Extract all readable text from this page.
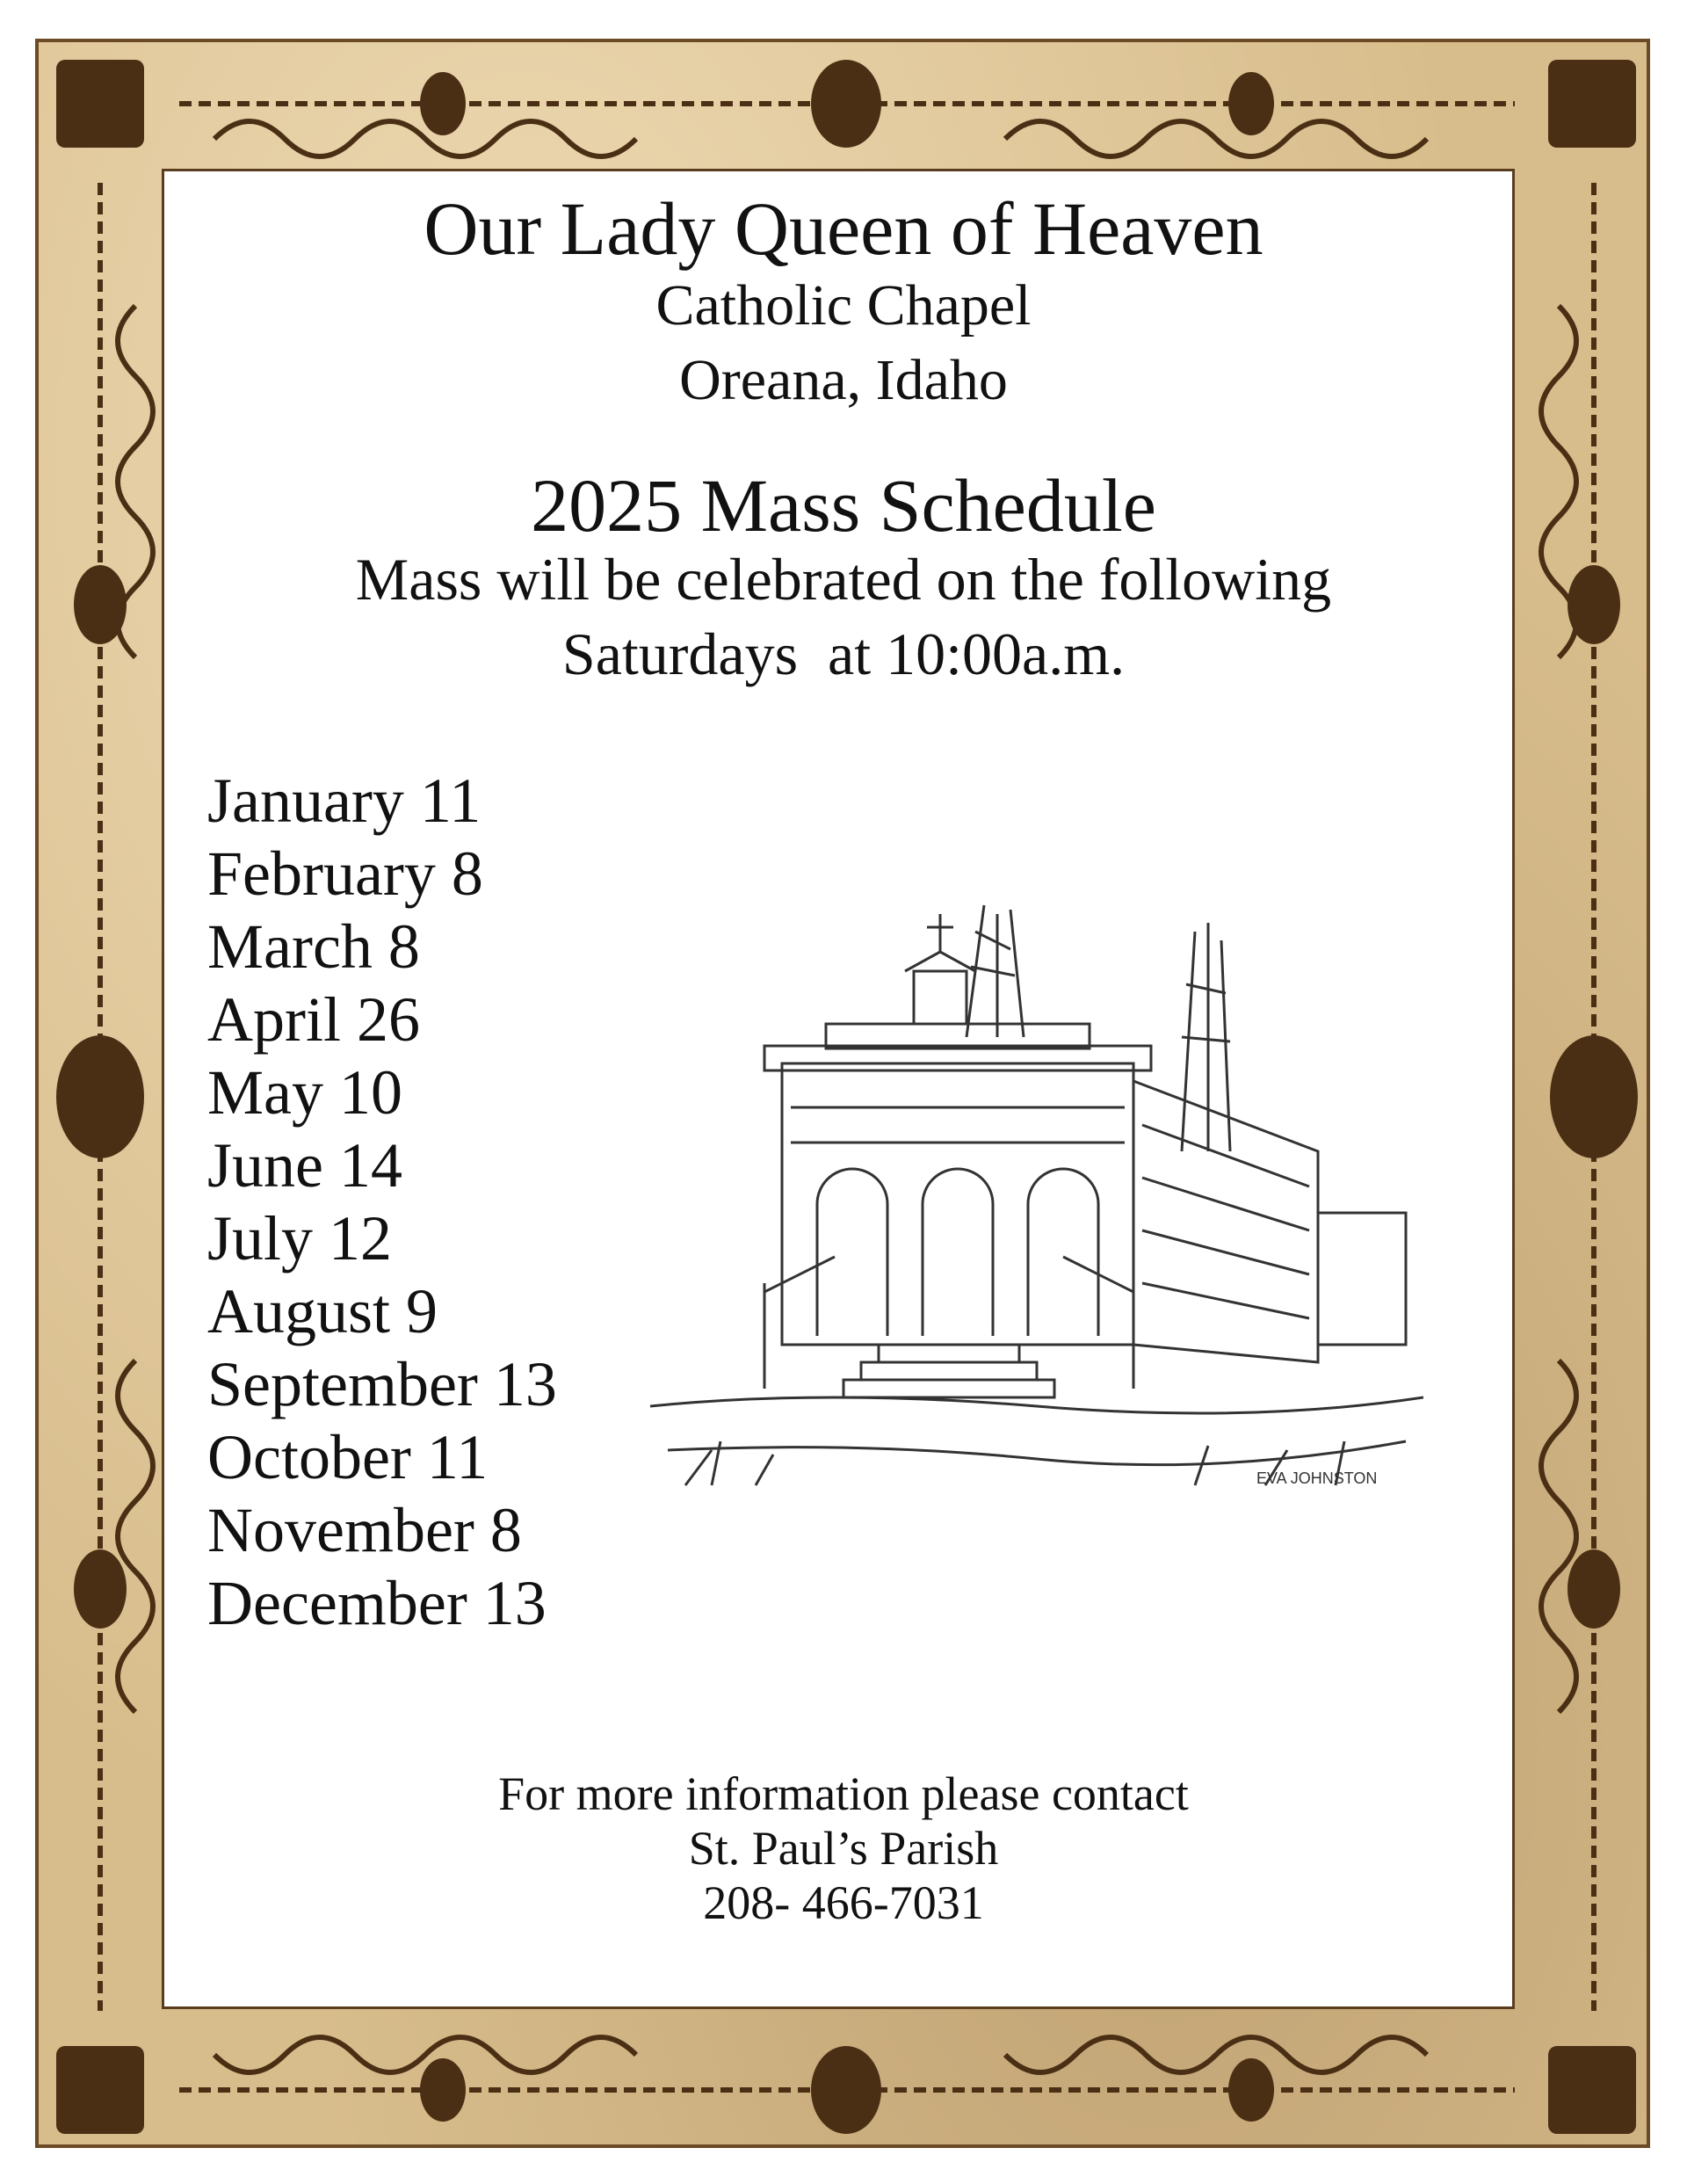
Our Lady Queen of Heaven
Catholic Chapel
Oreana, Idaho
2025 Mass Schedule
Mass will be celebrated on the following
Saturdays  at 10:00a.m.
January 11
February 8
March 8
April 26
May 10
June 14
July 12
August 9
September 13
October 11
November 8
December 13
EVA JOHNSTON
For more information please contact
St. Paul’s Parish
208- 466-7031
